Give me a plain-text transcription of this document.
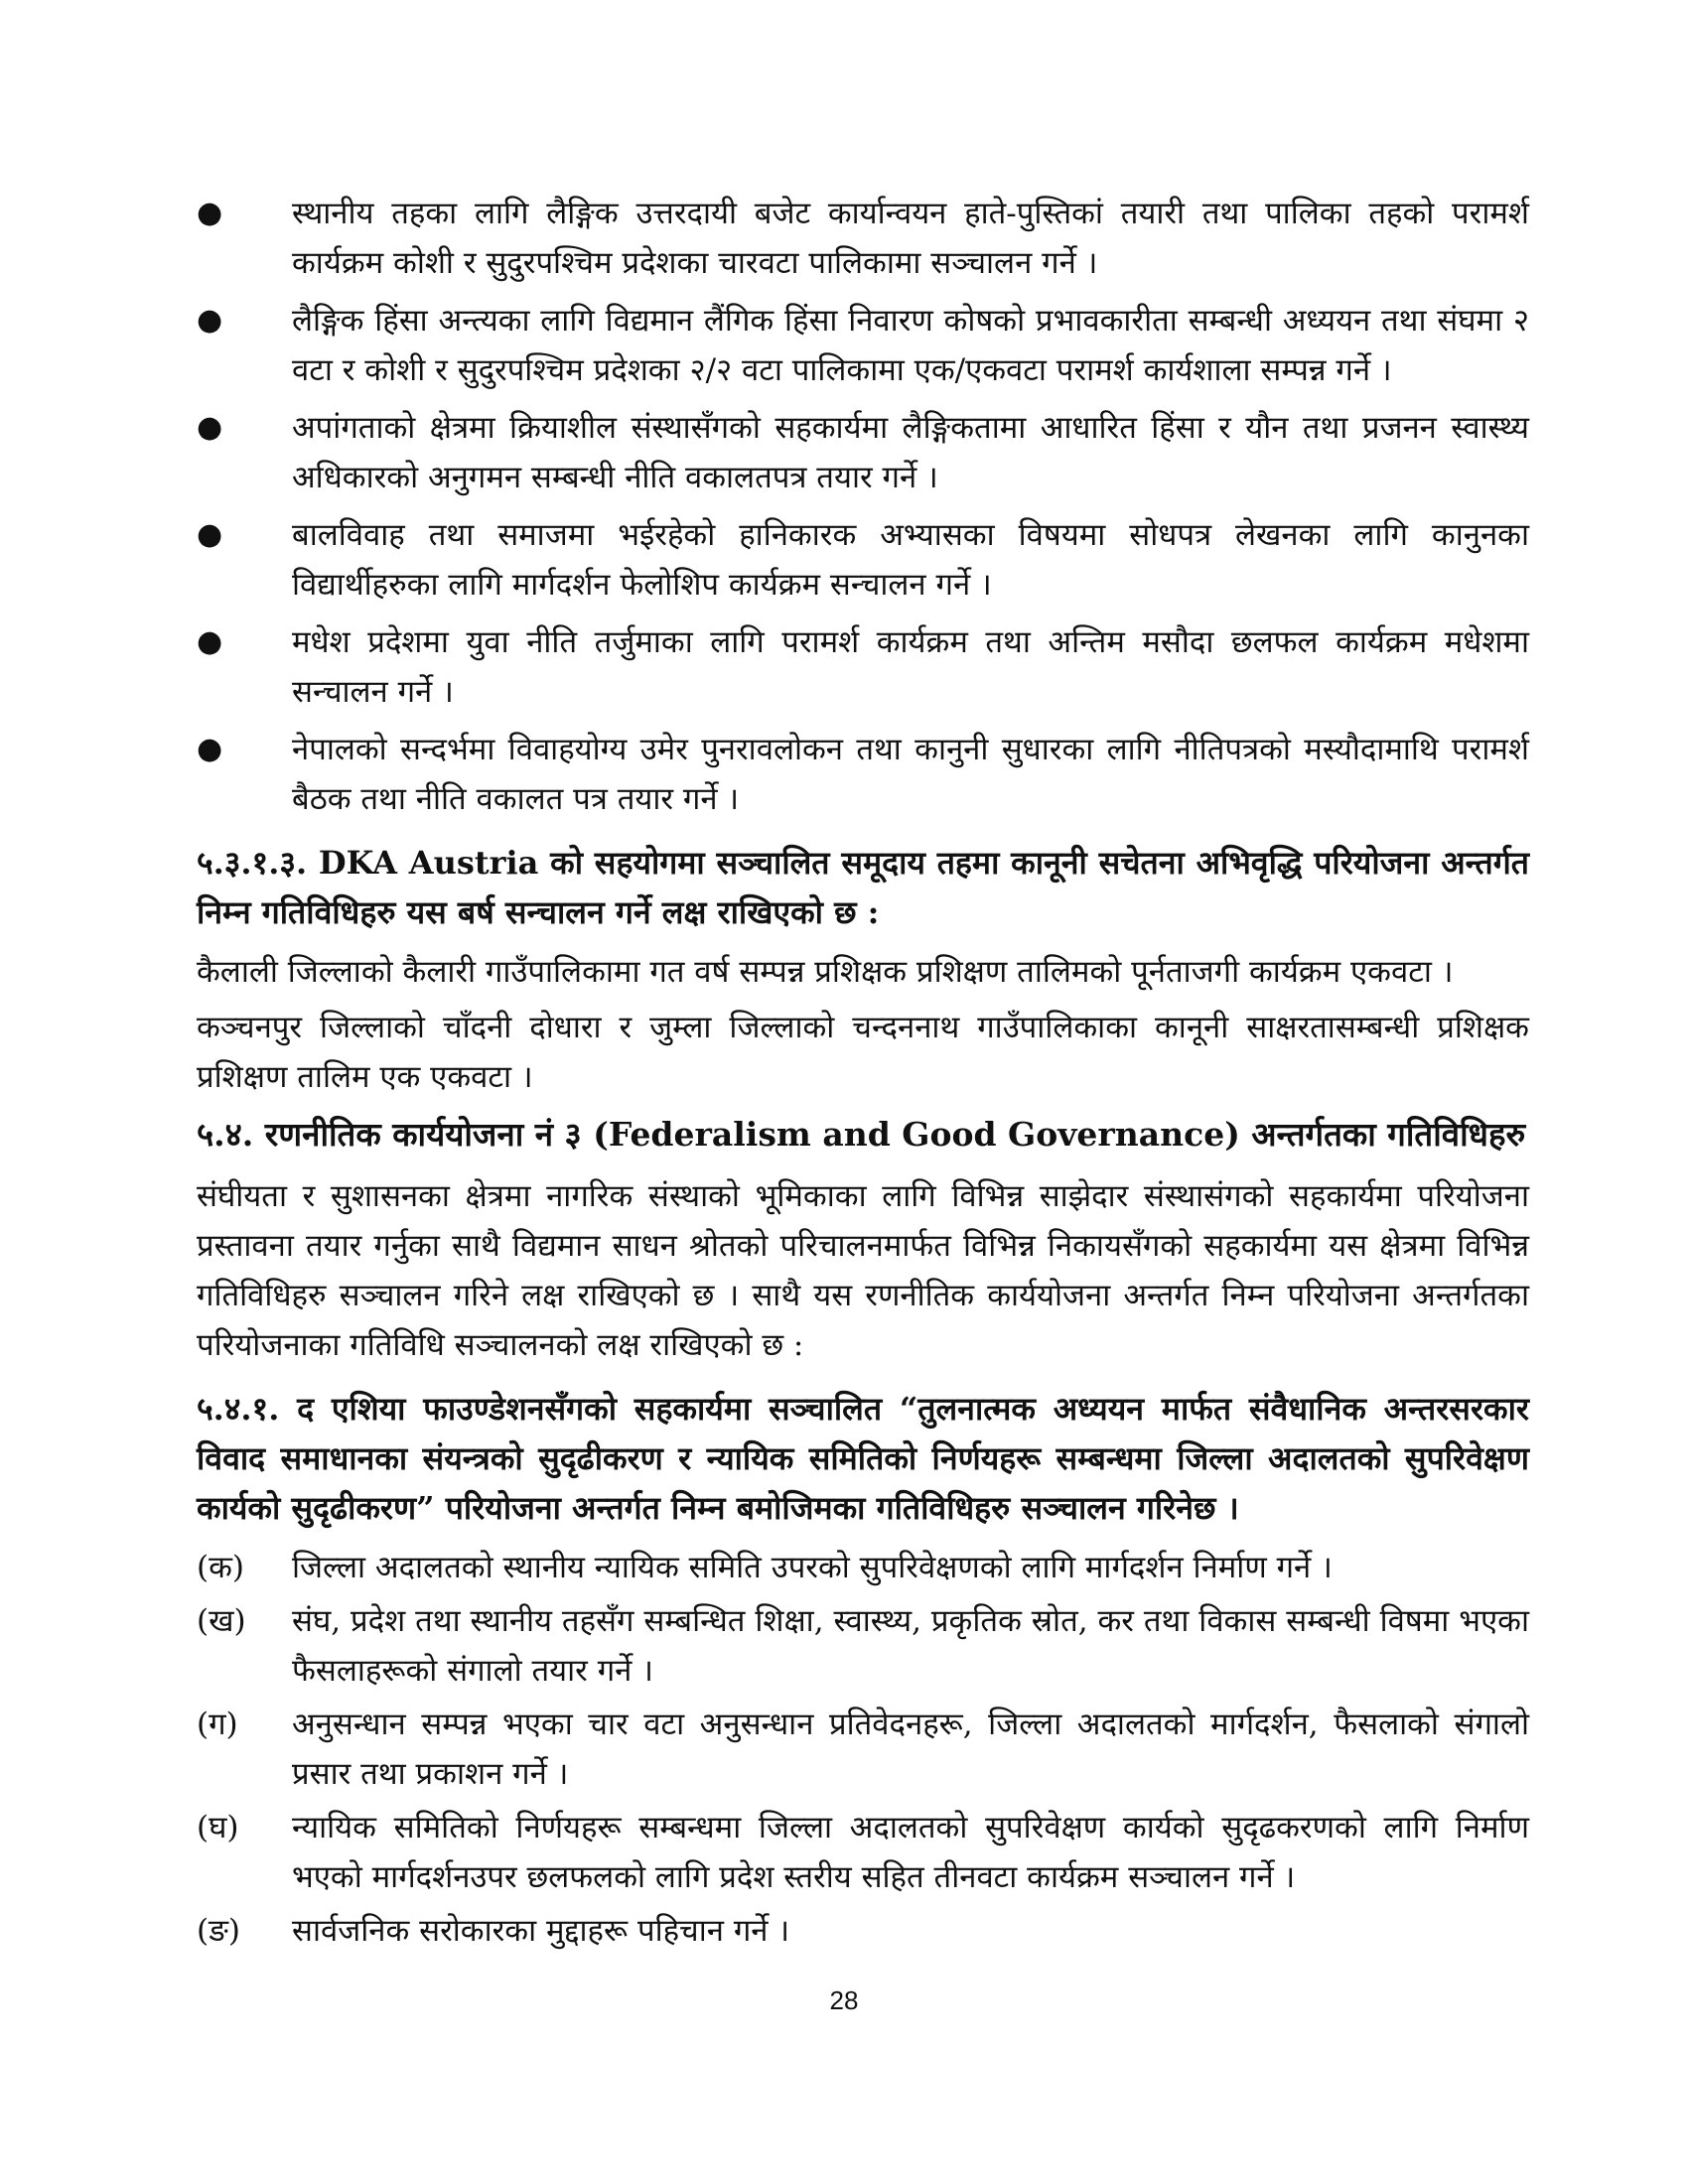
●	स्थानीय तहका लागि लैङ्गिक उत्तरदायी बजेट कार्यान्वयन हाते-पुस्तिकां तयारी तथा पालिका तहको परामर्श कार्यक्रम कोशी र सुदुरपश्चिम प्रदेशका चारवटा पालिकामा सञ्चालन गर्ने ।
●	लैङ्गिक हिंसा अन्त्यका लागि विद्यमान लैंगिक हिंसा निवारण कोषको प्रभावकारीता सम्बन्धी अध्ययन तथा संघमा २ वटा र कोशी र सुदुरपश्चिम प्रदेशका २/२ वटा पालिकामा एक/एकवटा परामर्श कार्यशाला सम्पन्न गर्ने ।
●	अपांगताको क्षेत्रमा क्रियाशील संस्थासँगको सहकार्यमा लैङ्गिकतामा आधारित हिंसा र यौन तथा प्रजनन स्वास्थ्य अधिकारको अनुगमन सम्बन्धी नीति वकालतपत्र तयार गर्ने ।
●	बालविवाह तथा समाजमा भईरहेको हानिकारक अभ्यासका विषयमा सोधपत्र लेखनका लागि कानुनका विद्यार्थीहरुका लागि मार्गदर्शन फेलोशिप कार्यक्रम सन्चालन गर्ने ।
●	मधेश प्रदेशमा युवा नीति तर्जुमाका लागि परामर्श कार्यक्रम तथा अन्तिम मसौदा छलफल कार्यक्रम मधेशमा सन्चालन गर्ने ।
●	नेपालको सन्दर्भमा विवाहयोग्य उमेर पुनरावलोकन तथा कानुनी सुधारका लागि नीतिपत्रको मस्यौदामाथि परामर्श बैठक तथा नीति वकालत पत्र तयार गर्ने ।
५.३.१.३. DKA Austria को सहयोगमा सञ्चालित समूदाय तहमा कानूनी सचेतना अभिवृद्धि परियोजना अन्तर्गत निम्न गतिविधिहरु यस बर्ष सन्चालन गर्ने लक्ष राखिएको छ :

कैलाली जिल्लाको कैलारी गाउँपालिकामा गत वर्ष सम्पन्न प्रशिक्षक प्रशिक्षण तालिमको पूर्नताजगी कार्यक्रम एकवटा ।

कञ्चनपुर जिल्लाको चाँदनी दोधारा र जुम्ला जिल्लाको चन्दननाथ गाउँपालिकाका कानूनी साक्षरतासम्बन्धी प्रशिक्षक प्रशिक्षण तालिम एक एकवटा ।

५.४. रणनीतिक कार्ययोजना नं ३ (Federalism and Good Governance) अन्तर्गतका गतिविधिहरु

संघीयता र सुशासनका क्षेत्रमा नागरिक संस्थाको भूमिकाका लागि विभिन्न साझेदार संस्थासंगको सहकार्यमा परियोजना प्रस्तावना तयार गर्नुका साथै विद्यमान साधन श्रोतको परिचालनमार्फत विभिन्न निकायसँगको सहकार्यमा यस क्षेत्रमा विभिन्न गतिविधिहरु सञ्चालन गरिने लक्ष राखिएको छ । साथै यस रणनीतिक कार्ययोजना अन्तर्गत निम्न परियोजना अन्तर्गतका परियोजनाका गतिविधि सञ्चालनको लक्ष राखिएको छ :

५.४.१. द एशिया फाउण्डेशनसँगको सहकार्यमा सञ्चालित “तुलनात्मक अध्ययन मार्फत संवैधानिक अन्तरसरकार विवाद समाधानका संयन्त्रको सुदृढीकरण र न्यायिक समितिको निर्णयहरू सम्बन्धमा जिल्ला अदालतको सुपरिवेक्षण कार्यको सुदृढीकरण” परियोजना अन्तर्गत निम्न बमोजिमका गतिविधिहरु सञ्चालन गरिनेछ ।
(क)	जिल्ला अदालतको स्थानीय न्यायिक समिति उपरको सुपरिवेक्षणको लागि मार्गदर्शन निर्माण गर्ने ।
(ख)	संघ, प्रदेश तथा स्थानीय तहसँग सम्बन्धित शिक्षा, स्वास्थ्य, प्रकृतिक स्रोत, कर तथा विकास सम्बन्धी विषमा भएका फैसलाहरूको संगालो तयार गर्ने ।
(ग)	अनुसन्धान सम्पन्न भएका चार वटा अनुसन्धान प्रतिवेदनहरू, जिल्ला अदालतको मार्गदर्शन, फैसलाको संगालो प्रसार तथा प्रकाशन गर्ने ।
(घ)	न्यायिक समितिको निर्णयहरू सम्बन्धमा जिल्ला अदालतको सुपरिवेक्षण कार्यको सुदृढकरणको लागि निर्माण भएको मार्गदर्शनउपर छलफलको लागि प्रदेश स्तरीय सहित तीनवटा कार्यक्रम सञ्चालन गर्ने ।
(ङ)	सार्वजनिक सरोकारका मुद्दाहरू पहिचान गर्ने ।
28
